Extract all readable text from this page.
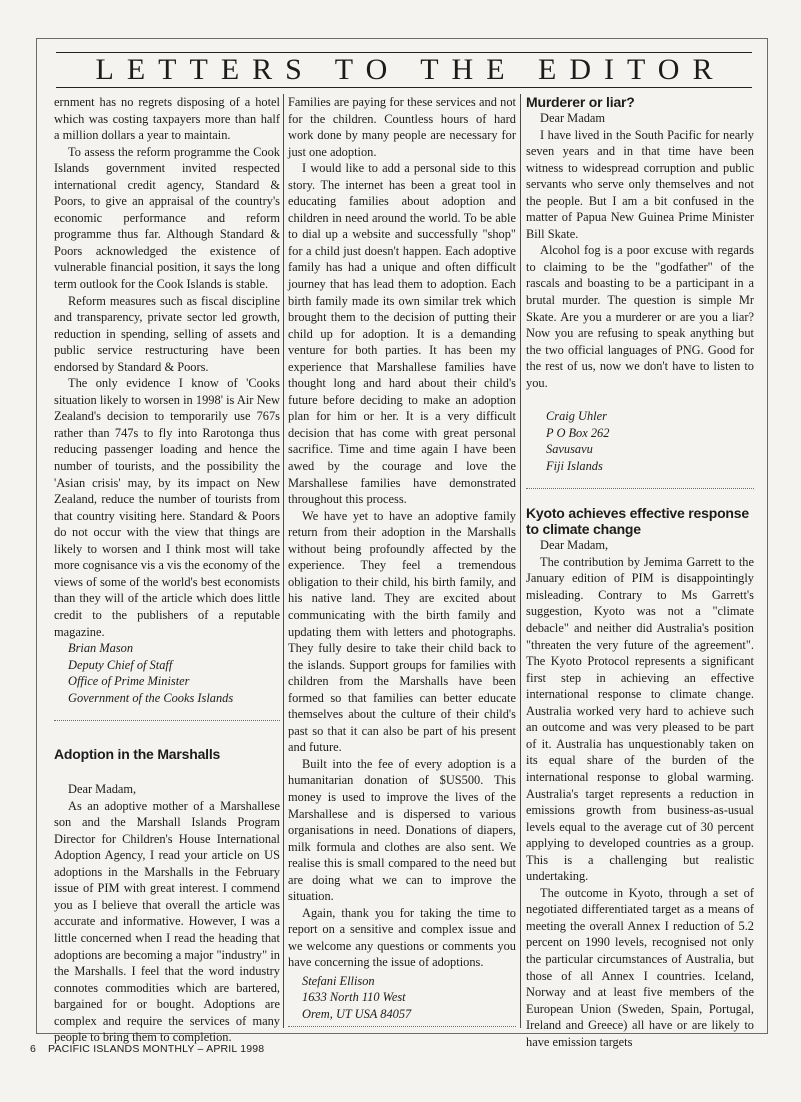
LETTERS TO THE EDITOR

ernment has no regrets disposing of a hotel which was costing taxpayers more than half a million dollars a year to maintain.

To assess the reform programme the Cook Islands government invited respected international credit agency, Standard & Poors, to give an appraisal of the country's economic performance and reform programme thus far. Although Standard & Poors acknowledged the existence of vulnerable financial position, it says the long term outlook for the Cook Islands is stable.

Reform measures such as fiscal discipline and transparency, private sector led growth, reduction in spending, selling of assets and public service restructuring have been endorsed by Standard & Poors.

The only evidence I know of 'Cooks situation likely to worsen in 1998' is Air New Zealand's decision to temporarily use 767s rather than 747s to fly into Rarotonga thus reducing passenger loading and hence the number of tourists, and the possibility the 'Asian crisis' may, by its impact on New Zealand, reduce the number of tourists from that country visiting here. Standard & Poors do not occur with the view that things are likely to worsen and I think most will take more cognisance vis a vis the economy of the views of some of the world's best economists than they will of the article which does little credit to the publishers of a reputable magazine.

Brian Mason
Deputy Chief of Staff
Office of Prime Minister
Government of the Cooks Islands
Adoption in the Marshalls

Dear Madam,

As an adoptive mother of a Marshallese son and the Marshall Islands Program Director for Children's House International Adoption Agency, I read your article on US adoptions in the Marshalls in the February issue of PIM with great interest. I commend you as I believe that overall the article was accurate and informative. However, I was a little concerned when I read the heading that adoptions are becoming a major "industry" in the Marshalls. I feel that the word industry connotes commodities which are bartered, bargained for or bought. Adoptions are complex and require the services of many people to bring them to completion.

Families are paying for these services and not for the children. Countless hours of hard work done by many people are necessary for just one adoption.

I would like to add a personal side to this story. The internet has been a great tool in educating families about adoption and children in need around the world. To be able to dial up a website and successfully "shop" for a child just doesn't happen. Each adoptive family has had a unique and often difficult journey that has lead them to adoption. Each birth family made its own similar trek which brought them to the decision of putting their child up for adoption. It is a demanding venture for both parties. It has been my experience that Marshallese families have thought long and hard about their child's future before deciding to make an adoption plan for him or her. It is a very difficult decision that has come with great personal sacrifice. Time and time again I have been awed by the courage and love the Marshallese families have demonstrated throughout this process.

We have yet to have an adoptive family return from their adoption in the Marshalls without being profoundly affected by the experience. They feel a tremendous obligation to their child, his birth family, and his native land. They are excited about communicating with the birth family and updating them with letters and photographs. They fully desire to take their child back to the islands. Support groups for families with children from the Marshalls have been formed so that families can better educate themselves about the culture of their child's past so that it can also be part of his present and future.

Built into the fee of every adoption is a humanitarian donation of $US500. This money is used to improve the lives of the Marshallese and is dispersed to various organisations in need. Donations of diapers, milk formula and clothes are also sent. We realise this is small compared to the need but are doing what we can to improve the situation.

Again, thank you for taking the time to report on a sensitive and complex issue and we welcome any questions or comments you have concerning the issue of adoptions.

Stefani Ellison
1633 North 110 West
Orem, UT USA 84057
Murderer or liar?

Dear Madam

I have lived in the South Pacific for nearly seven years and in that time have been witness to widespread corruption and public servants who serve only themselves and not the people. But I am a bit confused in the matter of Papua New Guinea Prime Minister Bill Skate.

Alcohol fog is a poor excuse with regards to claiming to be the "godfather" of the rascals and boasting to be a participant in a brutal murder. The question is simple Mr Skate. Are you a murderer or are you a liar? Now you are refusing to speak anything but the two official languages of PNG. Good for the rest of us, now we don't have to listen to you.

Craig Uhler
P O Box 262
Savusavu
Fiji Islands
Kyoto achieves effective response
to climate change

Dear Madam,

The contribution by Jemima Garrett to the January edition of PIM is disappointingly misleading. Contrary to Ms Garrett's suggestion, Kyoto was not a "climate debacle" and neither did Australia's position "threaten the very future of the agreement". The Kyoto Protocol represents a significant first step in achieving an effective international response to climate change. Australia worked very hard to achieve such an outcome and was very pleased to be part of it. Australia has unquestionably taken on its equal share of the burden of the international response to global warming. Australia's target represents a reduction in emissions growth from business-as-usual levels equal to the average cut of 30 percent applying to developed countries as a group. This is a challenging but realistic undertaking.

The outcome in Kyoto, through a set of negotiated differentiated target as a means of meeting the overall Annex I reduction of 5.2 percent on 1990 levels, recognised not only the particular circumstances of Australia, but those of all Annex I countries. Iceland, Norway and at least five members of the European Union (Sweden, Spain, Portugal, Ireland and Greece) all have or are likely to have emission targets

6 PACIFIC ISLANDS MONTHLY – APRIL 1998
